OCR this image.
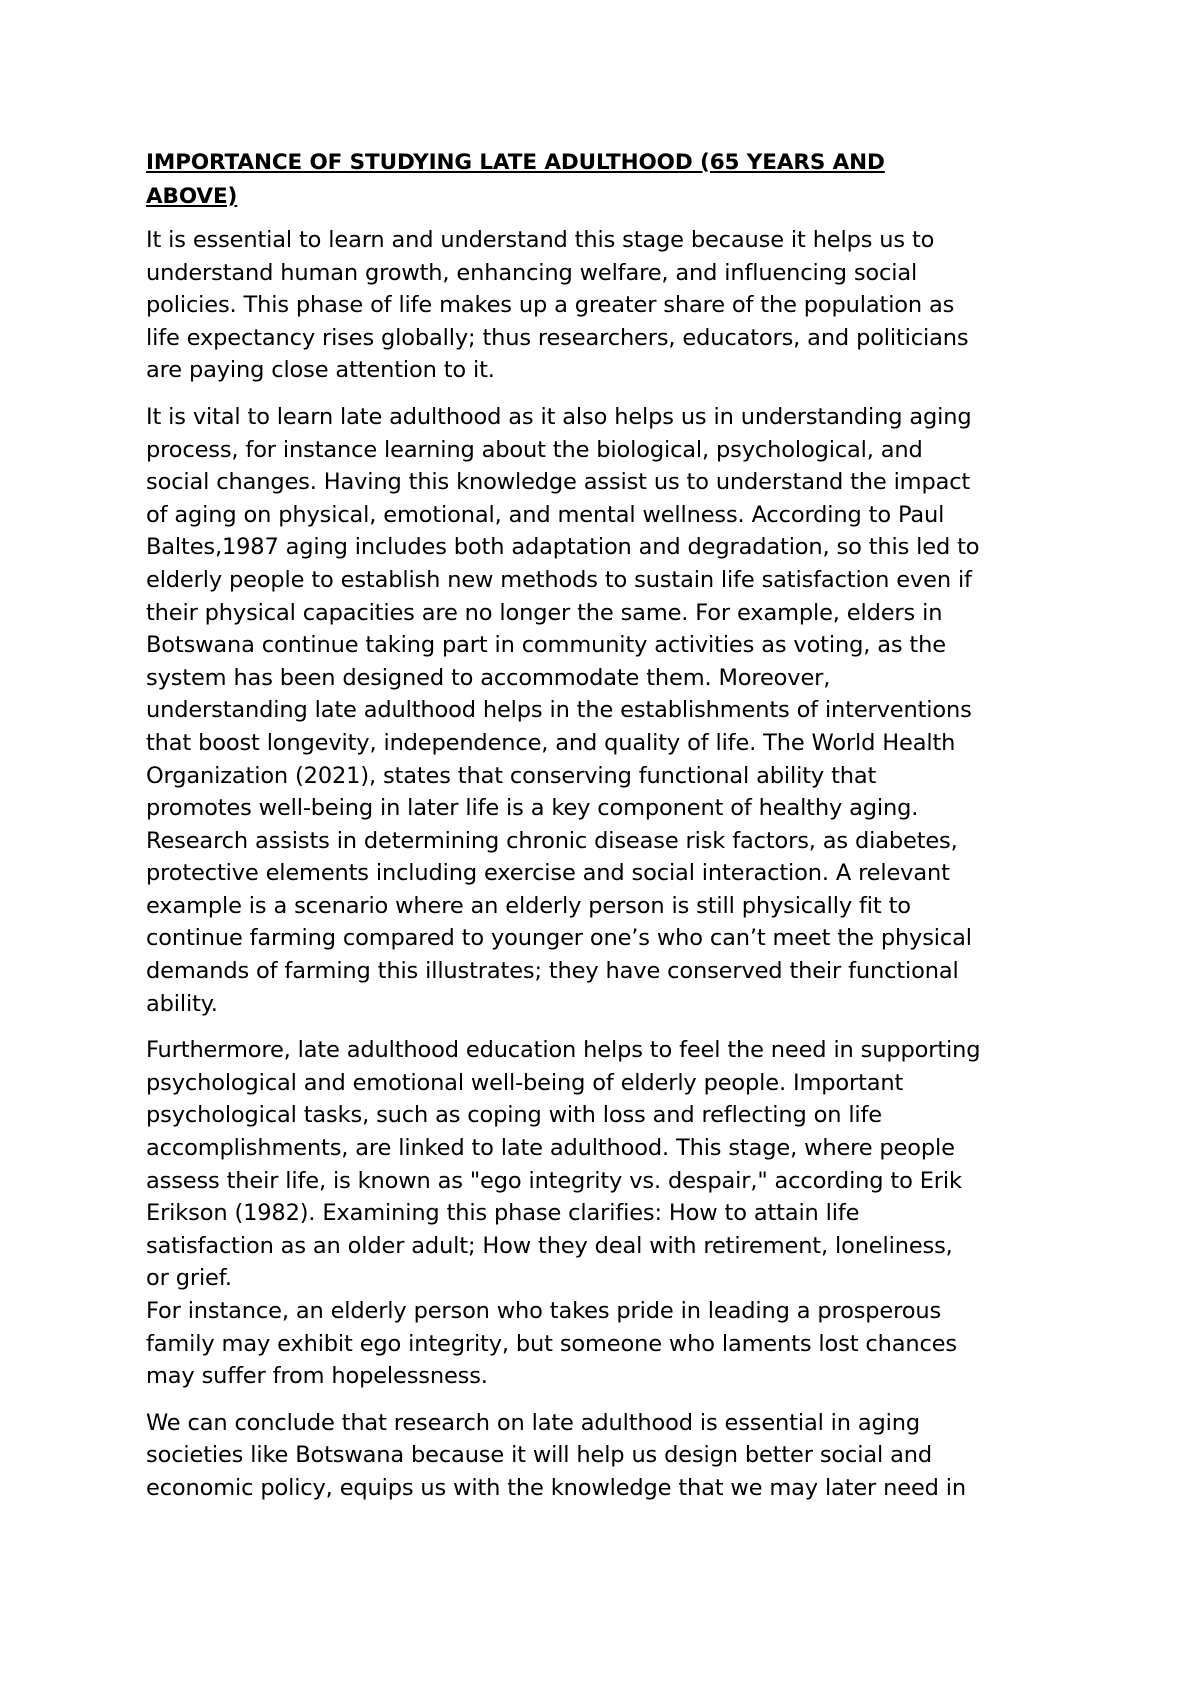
IMPORTANCE OF STUDYING LATE ADULTHOOD (65 YEARS AND
ABOVE)
It is essential to learn and understand this stage because it helps us to
understand human growth, enhancing welfare, and influencing social
policies. This phase of life makes up a greater share of the population as
life expectancy rises globally; thus researchers, educators, and politicians
are paying close attention to it.
It is vital to learn late adulthood as it also helps us in understanding aging
process, for instance learning about the biological, psychological, and
social changes. Having this knowledge assist us to understand the impact
of aging on physical, emotional, and mental wellness. According to Paul
Baltes,1987 aging includes both adaptation and degradation, so this led to
elderly people to establish new methods to sustain life satisfaction even if
their physical capacities are no longer the same. For example, elders in
Botswana continue taking part in community activities as voting, as the
system has been designed to accommodate them. Moreover,
understanding late adulthood helps in the establishments of interventions
that boost longevity, independence, and quality of life. The World Health
Organization (2021), states that conserving functional ability that
promotes well-being in later life is a key component of healthy aging.
Research assists in determining chronic disease risk factors, as diabetes,
protective elements including exercise and social interaction. A relevant
example is a scenario where an elderly person is still physically fit to
continue farming compared to younger one’s who can’t meet the physical
demands of farming this illustrates; they have conserved their functional
ability.
Furthermore, late adulthood education helps to feel the need in supporting
psychological and emotional well-being of elderly people. Important
psychological tasks, such as coping with loss and reflecting on life
accomplishments, are linked to late adulthood. This stage, where people
assess their life, is known as "ego integrity vs. despair," according to Erik
Erikson (1982). Examining this phase clarifies: How to attain life
satisfaction as an older adult; How they deal with retirement, loneliness,
or grief.
For instance, an elderly person who takes pride in leading a prosperous
family may exhibit ego integrity, but someone who laments lost chances
may suffer from hopelessness.
We can conclude that research on late adulthood is essential in aging
societies like Botswana because it will help us design better social and
economic policy, equips us with the knowledge that we may later need in
